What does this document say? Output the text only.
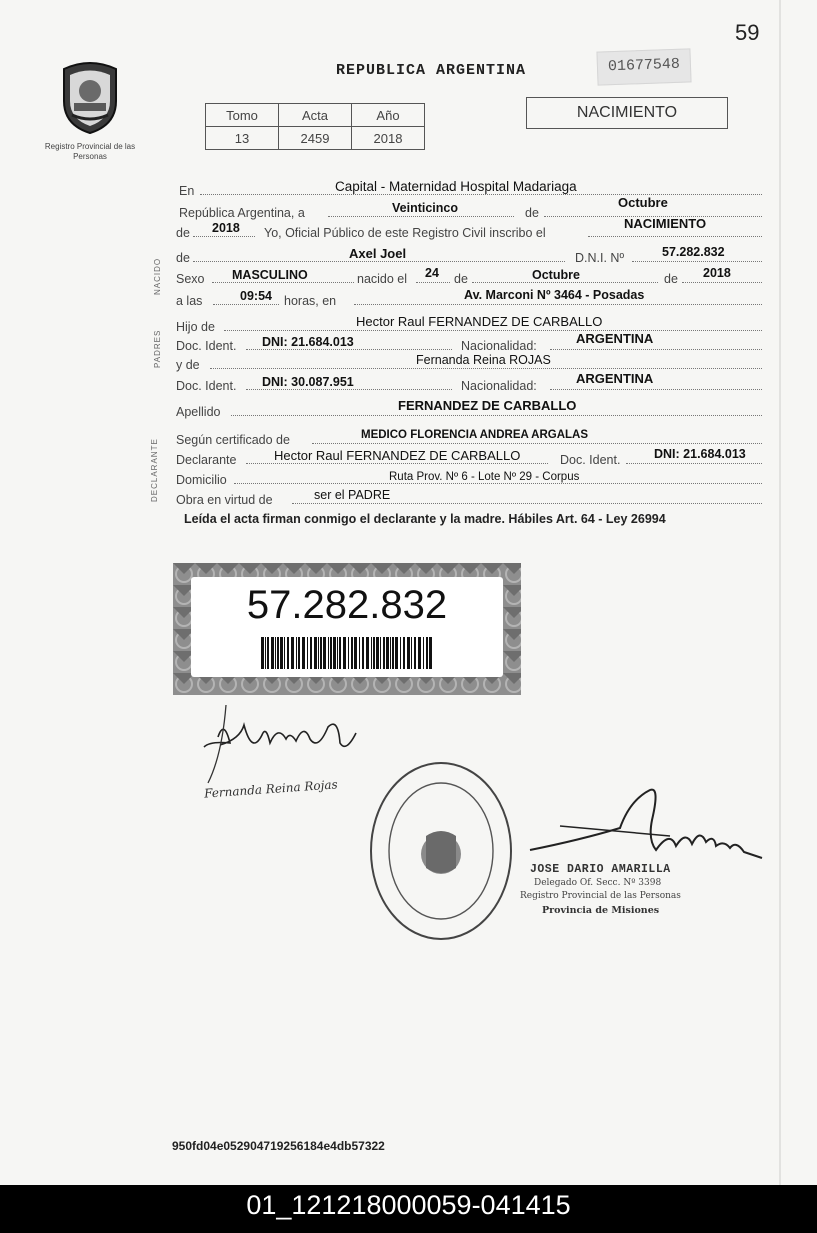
59
Registro Provincial de las Personas
REPUBLICA ARGENTINA	01677548
Tomo	Acta	Año
13	2459	2018
NACIMIENTO
NACIDO
PADRES
DECLARANTE
En	Capital - Maternidad Hospital Madariaga
República Argentina, a	Veinticinco	de
Octubre
de 2018 Yo, Oficial Público de este Registro Civil inscribo el
NACIMIENTO
de	Axel Joel	D.N.I. Nº	57.282.832
Sexo MASCULINO	nacido el 24 de	Octubre	de 2018
a las	09:54 horas, en	Av. Marconi Nº 3464 - Posadas
Hijo de	Hector Raul FERNANDEZ DE CARBALLO
Doc. Ident. DNI: 21.684.013	Nacionalidad:	ARGENTINA
y de	Fernanda Reina ROJAS
Doc. Ident. DNI: 30.087.951	Nacionalidad:	ARGENTINA
Apellido	FERNANDEZ DE CARBALLO
Según certificado de	MEDICO FLORENCIA ANDREA ARGALAS
Declarante	Hector Raul FERNANDEZ DE CARBALLO	Doc. Ident.	DNI: 21.684.013
Domicilio	Ruta Prov. Nº 6 - Lote Nº 29 - Corpus
Obra en virtud de	ser el PADRE
Leída el acta firman conmigo el declarante y la madre. Hábiles Art. 64 - Ley 26994
57.282.832
Fernanda Reina Rojas
JOSE DARIO AMARILLA
Delegado Of. Secc. Nº 3398
Registro Provincial de las Personas
Provincia de Misiones
950fd04e052904719256184e4db57322
01_121218000059-041415
